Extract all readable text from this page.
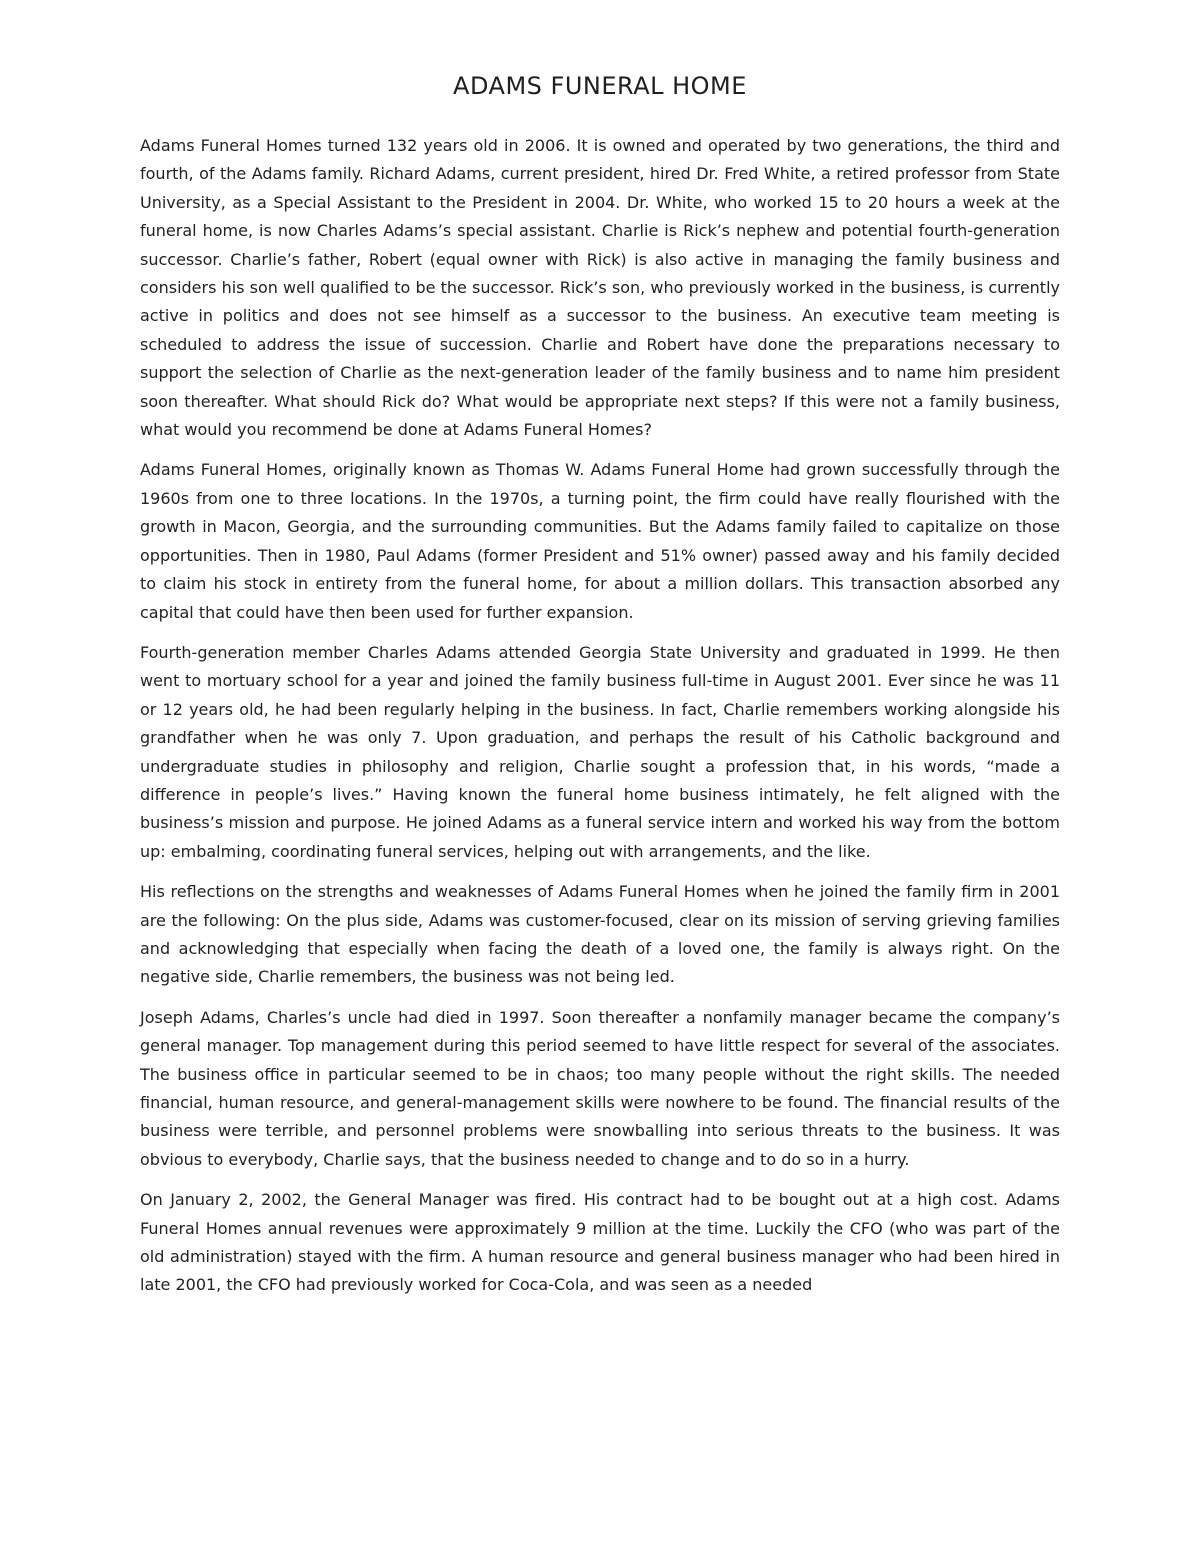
ADAMS FUNERAL HOME

Adams Funeral Homes turned 132 years old in 2006. It is owned and operated by two generations, the third and fourth, of the Adams family. Richard Adams, current president, hired Dr. Fred White, a retired professor from State University, as a Special Assistant to the President in 2004. Dr. White, who worked 15 to 20 hours a week at the funeral home, is now Charles Adams’s special assistant. Charlie is Rick’s nephew and potential fourth-generation successor. Charlie’s father, Robert (equal owner with Rick) is also active in managing the family business and considers his son well qualified to be the successor. Rick’s son, who previously worked in the business, is currently active in politics and does not see himself as a successor to the business. An executive team meeting is scheduled to address the issue of succession. Charlie and Robert have done the preparations necessary to support the selection of Charlie as the next-generation leader of the family business and to name him president soon thereafter. What should Rick do? What would be appropriate next steps? If this were not a family business, what would you recommend be done at Adams Funeral Homes?

Adams Funeral Homes, originally known as Thomas W. Adams Funeral Home had grown successfully through the 1960s from one to three locations. In the 1970s, a turning point, the firm could have really flourished with the growth in Macon, Georgia, and the surrounding communities. But the Adams family failed to capitalize on those opportunities. Then in 1980, Paul Adams (former President and 51% owner) passed away and his family decided to claim his stock in entirety from the funeral home, for about a million dollars. This transaction absorbed any capital that could have then been used for further expansion.

Fourth-generation member Charles Adams attended Georgia State University and graduated in 1999. He then went to mortuary school for a year and joined the family business full-time in August 2001. Ever since he was 11 or 12 years old, he had been regularly helping in the business. In fact, Charlie remembers working alongside his grandfather when he was only 7. Upon graduation, and perhaps the result of his Catholic background and undergraduate studies in philosophy and religion, Charlie sought a profession that, in his words, “made a difference in people’s lives.” Having known the funeral home business intimately, he felt aligned with the business’s mission and purpose. He joined Adams as a funeral service intern and worked his way from the bottom up: embalming, coordinating funeral services, helping out with arrangements, and the like.

His reflections on the strengths and weaknesses of Adams Funeral Homes when he joined the family firm in 2001 are the following: On the plus side, Adams was customer-focused, clear on its mission of serving grieving families and acknowledging that especially when facing the death of a loved one, the family is always right. On the negative side, Charlie remembers, the business was not being led.

Joseph Adams, Charles’s uncle had died in 1997. Soon thereafter a nonfamily manager became the company’s general manager. Top management during this period seemed to have little respect for several of the associates. The business office in particular seemed to be in chaos; too many people without the right skills. The needed financial, human resource, and general-management skills were nowhere to be found. The financial results of the business were terrible, and personnel problems were snowballing into serious threats to the business. It was obvious to everybody, Charlie says, that the business needed to change and to do so in a hurry.

On January 2, 2002, the General Manager was fired. His contract had to be bought out at a high cost. Adams Funeral Homes annual revenues were approximately 9 million at the time. Luckily the CFO (who was part of the old administration) stayed with the firm. A human resource and general business manager who had been hired in late 2001, the CFO had previously worked for Coca-Cola, and was seen as a needed
